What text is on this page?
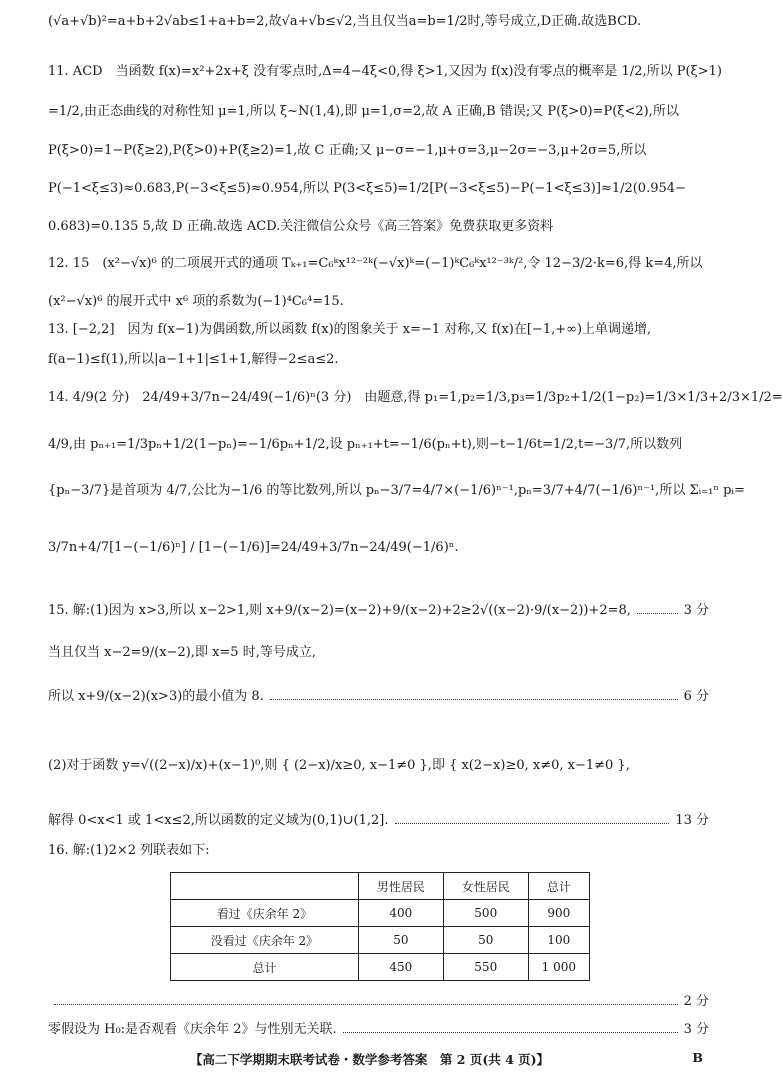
(√a+√b)²=a+b+2√ab≤1+a+b=2,故√a+√b≤√2,当且仅当a=b=1/2时,等号成立,D正确.故选BCD.
11. ACD　当函数 f(x)=x²+2x+ξ 没有零点时,Δ=4−4ξ<0,得 ξ>1,又因为 f(x)没有零点的概率是 1/2,所以 P(ξ>1)
=1/2,由正态曲线的对称性知 μ=1,所以 ξ~N(1,4),即 μ=1,σ=2,故 A 正确,B 错误;又 P(ξ>0)=P(ξ<2),所以
P(ξ>0)=1−P(ξ≥2),P(ξ>0)+P(ξ≥2)=1,故 C 正确;又 μ−σ=−1,μ+σ=3,μ−2σ=−3,μ+2σ=5,所以
P(−1<ξ≤3)≈0.683,P(−3<ξ≤5)≈0.954,所以 P(3<ξ≤5)=1/2[P(−3<ξ≤5)−P(−1<ξ≤3)]≈1/2(0.954−
0.683)=0.135 5,故 D 正确.故选 ACD.关注微信公众号《高三答案》免费获取更多资料
12. 15　(x²−√x)⁶ 的二项展开式的通项 Tₖ₊₁=C₆ᵏx¹²⁻²ᵏ(−√x)ᵏ=(−1)ᵏC₆ᵏx¹²⁻³ᵏ/²,令 12−3/2·k=6,得 k=4,所以
(x²−√x)⁶ 的展开式中 x⁶ 项的系数为(−1)⁴C₆⁴=15.
13. [−2,2]　因为 f(x−1)为偶函数,所以函数 f(x)的图象关于 x=−1 对称,又 f(x)在[−1,+∞)上单调递增,
f(a−1)≤f(1),所以|a−1+1|≤1+1,解得−2≤a≤2.
14. 4/9(2 分)　24/49+3/7n−24/49(−1/6)ⁿ(3 分)　由题意,得 p₁=1,p₂=1/3,p₃=1/3p₂+1/2(1−p₂)=1/3×1/3+2/3×1/2=
4/9,由 pₙ₊₁=1/3pₙ+1/2(1−pₙ)=−1/6pₙ+1/2,设 pₙ₊₁+t=−1/6(pₙ+t),则−t−1/6t=1/2,t=−3/7,所以数列
{pₙ−3/7}是首项为 4/7,公比为−1/6 的等比数列,所以 pₙ−3/7=4/7×(−1/6)ⁿ⁻¹,pₙ=3/7+4/7(−1/6)ⁿ⁻¹,所以 Σᵢ₌₁ⁿ pᵢ=
3/7n+4/7[1−(−1/6)ⁿ] / [1−(−1/6)]=24/49+3/7n−24/49(−1/6)ⁿ.
15. 解:(1)因为 x>3,所以 x−2>1,则 x+9/(x−2)=(x−2)+9/(x−2)+2≥2√((x−2)·9/(x−2))+2=8,	3 分
当且仅当 x−2=9/(x−2),即 x=5 时,等号成立,
所以 x+9/(x−2)(x>3)的最小值为 8.	6 分
(2)对于函数 y=√((2−x)/x)+(x−1)⁰,则 { (2−x)/x≥0, x−1≠0 },即 { x(2−x)≥0, x≠0, x−1≠0 },
解得 0<x<1 或 1<x≤2,所以函数的定义域为(0,1)∪(1,2].	13 分
16. 解:(1)2×2 列联表如下:
	男性居民	女性居民	总计
看过《庆余年 2》	400	500	900
没看过《庆余年 2》	50	50	100
总计	450	550	1 000
2 分
零假设为 H₀:是否观看《庆余年 2》与性别无关联.	3 分
【高二下学期期末联考试卷・数学参考答案　第 2 页(共 4 页)】	B
